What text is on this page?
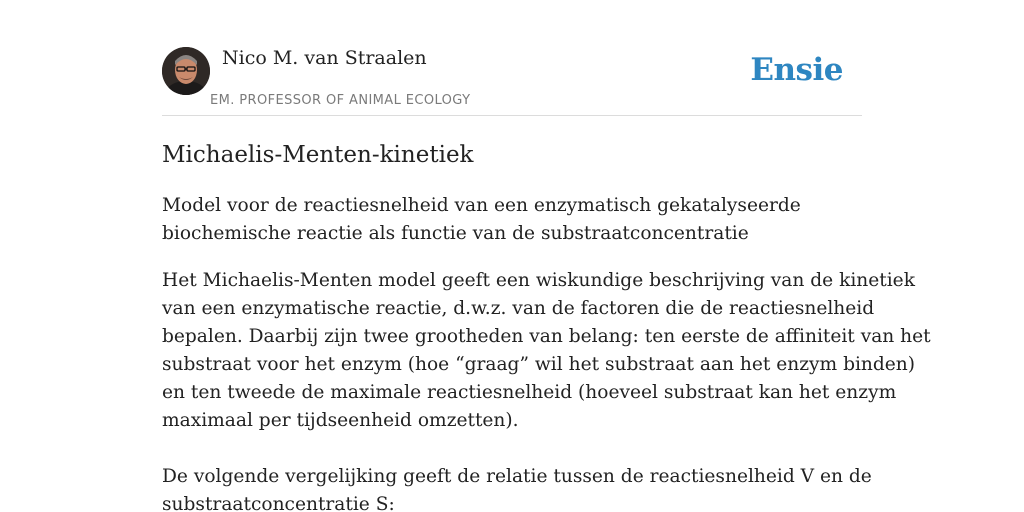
Nico M. van Straalen
EM. PROFESSOR OF ANIMAL ECOLOGY
Ensie
Michaelis-Menten-kinetiek

Model voor de reactiesnelheid van een enzymatisch gekatalyseerde
biochemische reactie als functie van de substraatconcentratie

Het Michaelis-Menten model geeft een wiskundige beschrijving van de kinetiek
van een enzymatische reactie, d.w.z. van de factoren die de reactiesnelheid
bepalen. Daarbij zijn twee grootheden van belang: ten eerste de affiniteit van het
substraat voor het enzym (hoe “graag” wil het substraat aan het enzym binden)
en ten tweede de maximale reactiesnelheid (hoeveel substraat kan het enzym
maximaal per tijdseenheid omzetten).

De volgende vergelijking geeft de relatie tussen de reactiesnelheid V en de
substraatconcentratie S:
